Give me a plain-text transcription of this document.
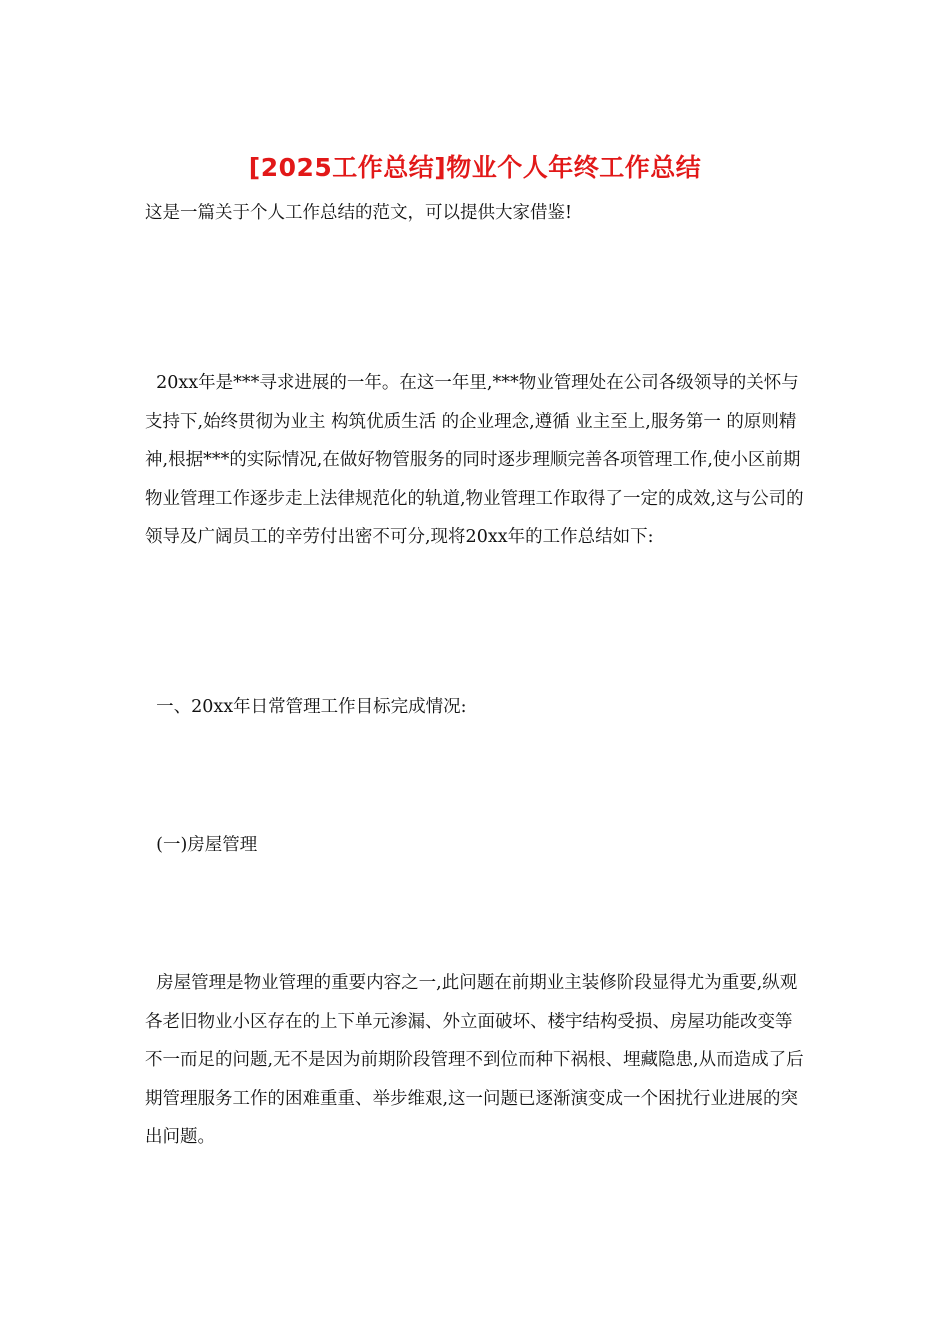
[2025工作总结]物业个人年终工作总结

这是一篇关于个人工作总结的范文，可以提供大家借鉴!

20xx年是***寻求进展的一年。在这一年里,***物业管理处在公司各级领导的关怀与支持下,始终贯彻为业主 构筑优质生活 的企业理念,遵循 业主至上,服务第一 的原则精神,根据***的实际情况,在做好物管服务的同时逐步理顺完善各项管理工作,使小区前期物业管理工作逐步走上法律规范化的轨道,物业管理工作取得了一定的成效,这与公司的领导及广阔员工的辛劳付出密不可分,现将20xx年的工作总结如下:

一、20xx年日常管理工作目标完成情况:

(一)房屋管理

房屋管理是物业管理的重要内容之一,此问题在前期业主装修阶段显得尤为重要,纵观各老旧物业小区存在的上下单元渗漏、外立面破坏、楼宇结构受损、房屋功能改变等不一而足的问题,无不是因为前期阶段管理不到位而种下祸根、埋藏隐患,从而造成了后期管理服务工作的困难重重、举步维艰,这一问题已逐渐演变成一个困扰行业进展的突出问题。
